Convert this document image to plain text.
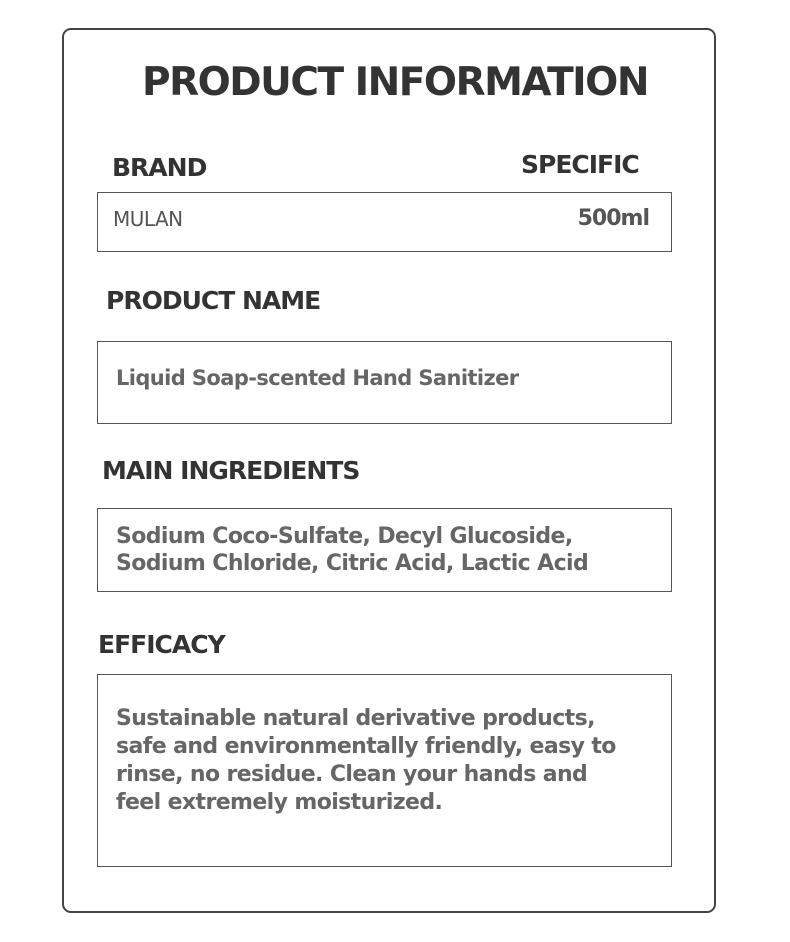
PRODUCT INFORMATION
BRAND	SPECIFIC
MULAN	500ml
PRODUCT NAME

Liquid Soap-scented Hand Sanitizer

MAIN INGREDIENTS

Sodium Coco-Sulfate, Decyl Glucoside,
Sodium Chloride, Citric Acid, Lactic Acid

EFFICACY

Sustainable natural derivative products,
safe and environmentally friendly, easy to
rinse, no residue. Clean your hands and
feel extremely moisturized.
